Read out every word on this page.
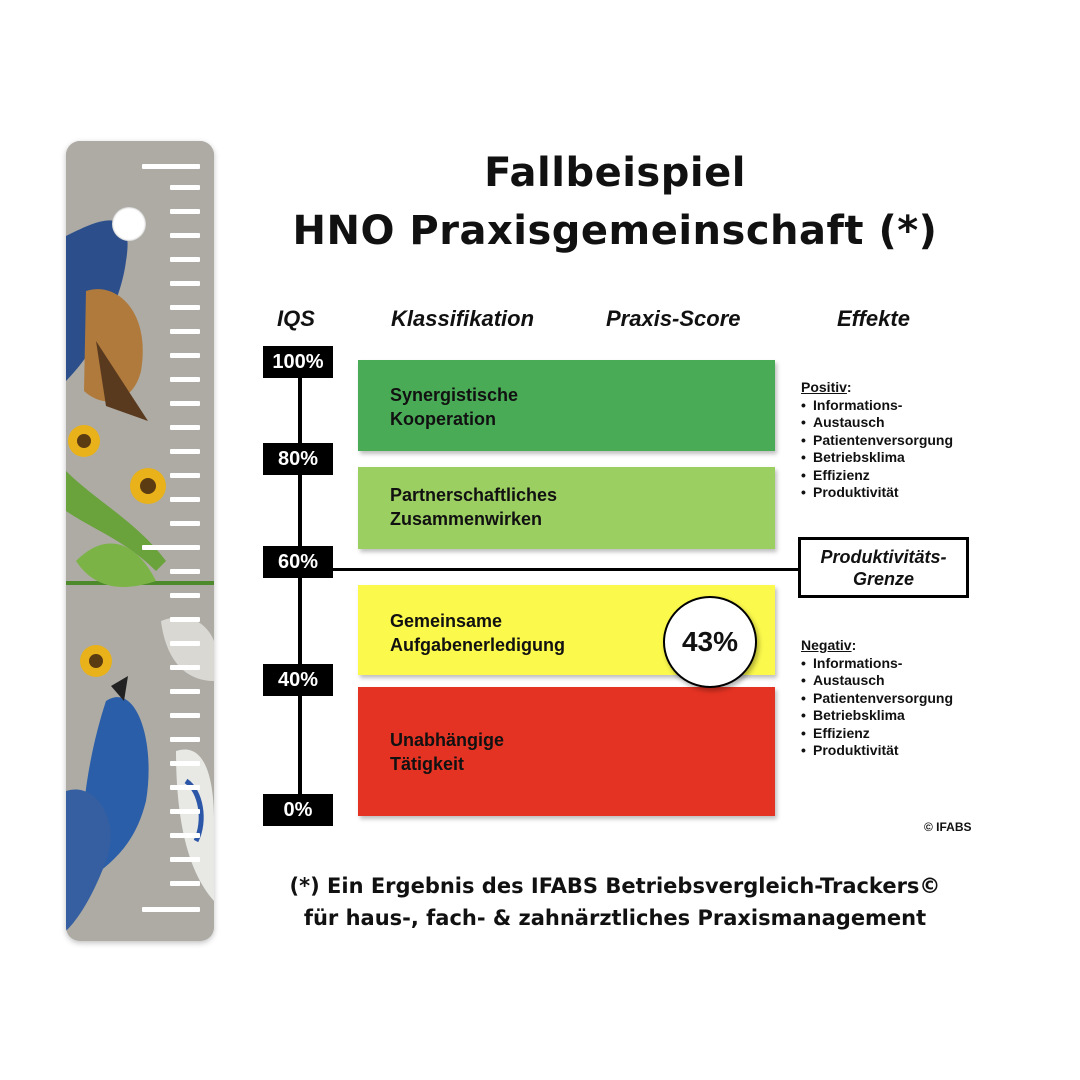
Fallbeispiel
HNO Praxisgemeinschaft (*)
IQS	Klassifikation	Praxis-Score	Effekte
Synergistische
Kooperation
Partnerschaftliches
Zusammenwirken
Gemeinsame
Aufgabenerledigung
Unabhängige
Tätigkeit
100%
80%
60%
40%
0%
Produktivitäts-
Grenze
43%
Positiv:
• Informations-
• Austausch

• Patientenversorgung
• Betriebsklima
• Effizienz
• Produktivität
Negativ:
• Informations-
• Austausch

• Patientenversorgung
• Betriebsklima
• Effizienz
• Produktivität
© IFABS
(*) Ein Ergebnis des IFABS Betriebsvergleich-Trackers©
für haus-, fach- & zahnärztliches Praxismanagement
